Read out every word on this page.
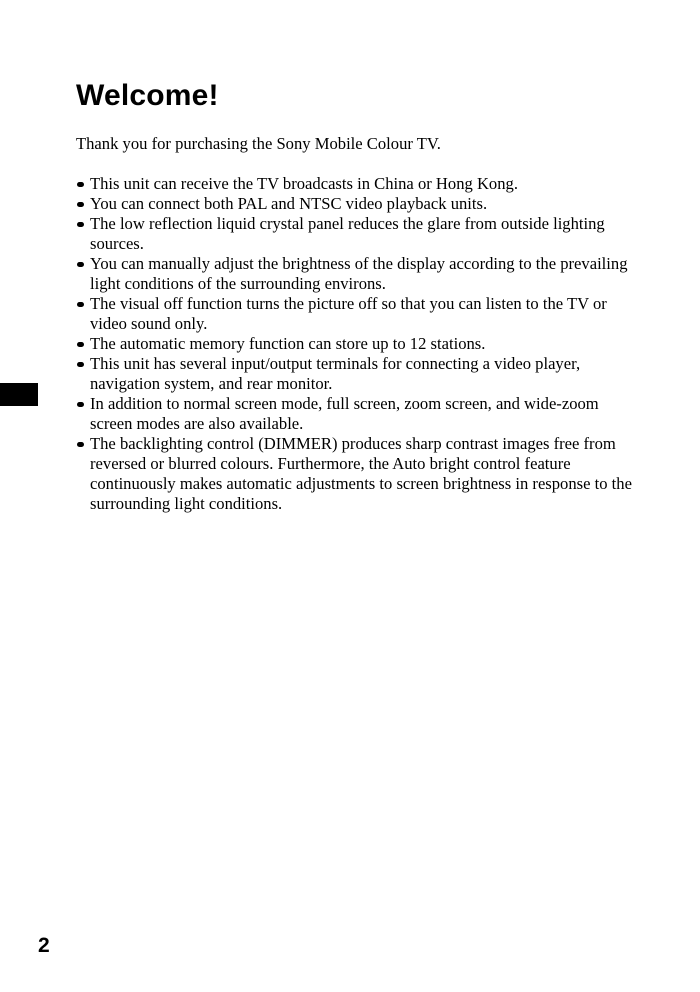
Welcome!

Thank you for purchasing the Sony Mobile Colour TV.

This unit can receive the TV broadcasts in China or Hong Kong.
You can connect both PAL and NTSC video playback units.
The low reflection liquid crystal panel reduces the glare from outside lighting sources.
You can manually adjust the brightness of the display according to the prevailing light conditions of the surrounding environs.
The visual off function turns the picture off so that you can listen to the TV or video sound only.
The automatic memory function can store up to 12 stations.
This unit has several input/output terminals for connecting a video player, navigation system, and rear monitor.
In addition to normal screen mode, full screen, zoom screen, and wide-zoom screen modes are also available.
The backlighting control (DIMMER) produces sharp contrast images free from reversed or blurred colours. Furthermore, the Auto bright control feature continuously makes automatic adjustments to screen brightness in response to the surrounding light conditions.
2
